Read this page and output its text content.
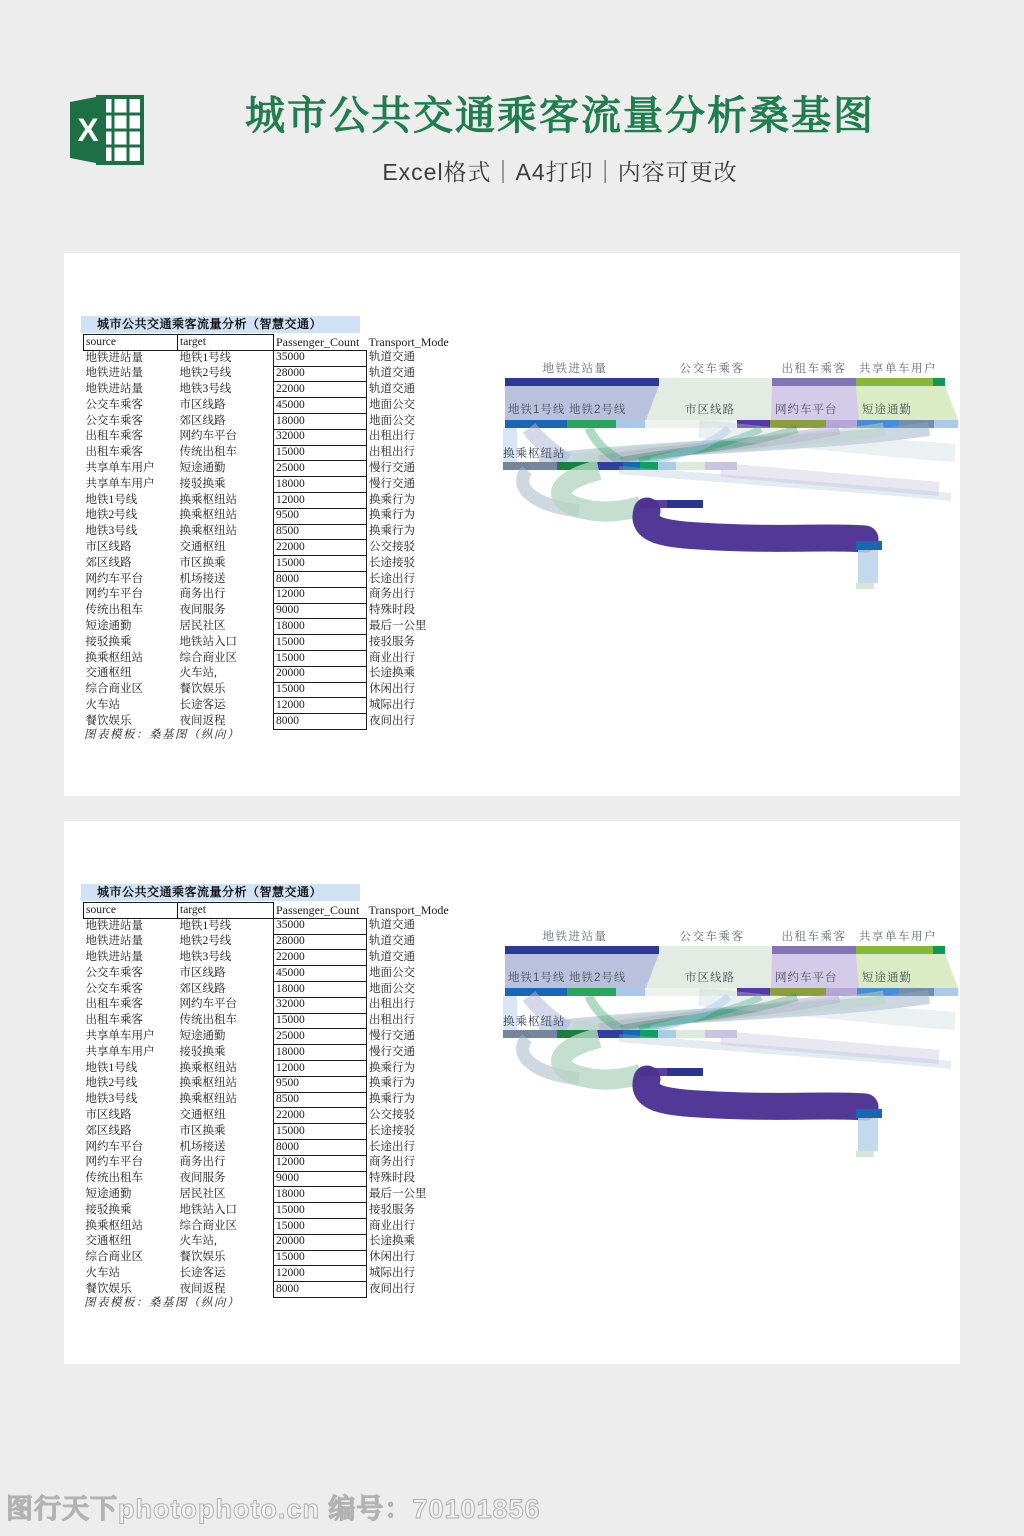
X	城市公共交通乘客流量分析桑基图
Excel格式｜A4打印｜内容可更改
城市公共交通乘客流量分析（智慧交通）
source	target	Passenger_Count	Transport_Mode
地铁进站量	地铁1号线	35000	轨道交通
地铁进站量	地铁2号线	28000	轨道交通
地铁进站量	地铁3号线	22000	轨道交通
公交车乘客	市区线路	45000	地面公交
公交车乘客	郊区线路	18000	地面公交
出租车乘客	网约车平台	32000	出租出行
出租车乘客	传统出租车	15000	出租出行
共享单车用户	短途通勤	25000	慢行交通
共享单车用户	接驳换乘	18000	慢行交通
地铁1号线	换乘枢纽站	12000	换乘行为
地铁2号线	换乘枢纽站	9500	换乘行为
地铁3号线	换乘枢纽站	8500	换乘行为
市区线路	交通枢纽	22000	公交接驳
郊区线路	市区换乘	15000	长途接驳
网约车平台	机场接送	8000	长途出行
网约车平台	商务出行	12000	商务出行
传统出租车	夜间服务	9000	特殊时段
短途通勤	居民社区	18000	最后一公里
接驳换乘	地铁站入口	15000	接驳服务
换乘枢纽站	综合商业区	15000	商业出行
交通枢纽	火车站,	20000	长途换乘
综合商业区	餐饮娱乐	15000	休闲出行
火车站	长途客运	12000	城际出行
餐饮娱乐	夜间返程	8000	夜间出行
图表模板：桑基图（纵向）
地铁进站量	公交车乘客	出租车乘客 共享单车用户
地铁1号线 地铁2号线	市区线路	网约车平台 短途通勤
换乘枢纽站
城市公共交通乘客流量分析（智慧交通）
source	target	Passenger_Count	Transport_Mode
地铁进站量	地铁1号线	35000	轨道交通
地铁进站量	地铁2号线	28000	轨道交通
地铁进站量	地铁3号线	22000	轨道交通
公交车乘客	市区线路	45000	地面公交
公交车乘客	郊区线路	18000	地面公交
出租车乘客	网约车平台	32000	出租出行
出租车乘客	传统出租车	15000	出租出行
共享单车用户	短途通勤	25000	慢行交通
共享单车用户	接驳换乘	18000	慢行交通
地铁1号线	换乘枢纽站	12000	换乘行为
地铁2号线	换乘枢纽站	9500	换乘行为
地铁3号线	换乘枢纽站	8500	换乘行为
市区线路	交通枢纽	22000	公交接驳
郊区线路	市区换乘	15000	长途接驳
网约车平台	机场接送	8000	长途出行
网约车平台	商务出行	12000	商务出行
传统出租车	夜间服务	9000	特殊时段
短途通勤	居民社区	18000	最后一公里
接驳换乘	地铁站入口	15000	接驳服务
换乘枢纽站	综合商业区	15000	商业出行
交通枢纽	火车站,	20000	长途换乘
综合商业区	餐饮娱乐	15000	休闲出行
火车站	长途客运	12000	城际出行
餐饮娱乐	夜间返程	8000	夜间出行
图表模板：桑基图（纵向）
地铁进站量	公交车乘客	出租车乘客 共享单车用户
地铁1号线 地铁2号线	市区线路	网约车平台 短途通勤
换乘枢纽站
图行天下photophoto.cn 编号：70101856
